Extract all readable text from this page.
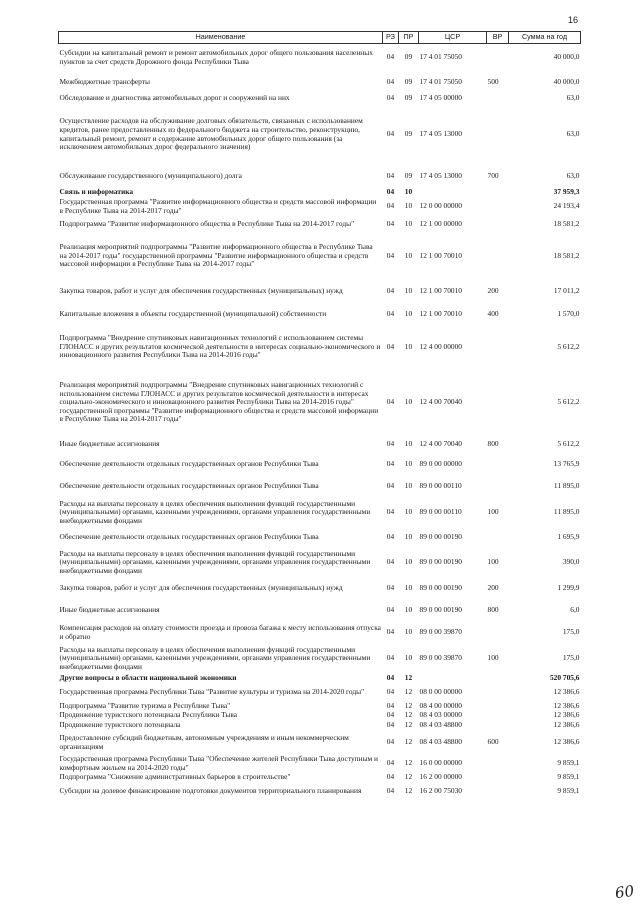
16
Наименование	РЗ	ПР	ЦСР	ВР	Сумма на год
Субсидии на капитальный ремонт и ремонт автомобильных дорог общего пользования населенных пунктов за счет средств Дорожного фонда Республики Тыва	04	09	17 4 01 75050		40 000,0
Межбюджетные трансферты	04	09	17 4 01 75050	500	40 000,0
Обследование и диагностика автомобильных дорог и сооружений на них	04	09	17 4 05 00000		63,0
Осуществление расходов на обслуживание долговых обязательств, связанных с использованием кредитов, ранее предоставленных из федерального бюджета на строительство, реконструкцию, капитальный ремонт, ремонт и содержание автомобильных дорог общего пользования (за исключением автомобильных дорог федерального значения)	04	09	17 4 05 13000		63,0
Обслуживание государственного (муниципального) долга	04	09	17 4 05 13000	700	63,0
Связь и информатика	04	10			37 959,3
Государственная программа "Развитие информационного общества и средств массовой информации в Республике Тыва на 2014-2017 годы"	04	10	12 0 00 00000		24 193,4
Подпрограмма "Развитие информационного общества в Республике Тыва на 2014-2017 годы"	04	10	12 1 00 00000		18 581,2
Реализация мероприятий подпрограммы "Развитие информационного общества в Республике Тыва на 2014-2017 годы" государственной программы "Развитие информационного общества и средств массовой информации в Республике Тыва на 2014-2017 годы"	04	10	12 1 00 70010		18 581,2
Закупка товаров, работ и услуг для обеспечения государственных (муниципальных) нужд	04	10	12 1 00 70010	200	17 011,2
Капитальные вложения в объекты государственной (муниципальной) собственности	04	10	12 1 00 70010	400	1 570,0
Подпрограмма "Внедрение спутниковых навигационных технологий с использованием системы ГЛОНАСС и других результатов космической деятельности в интересах социально-экономического и инновационного развития Республики Тыва на 2014-2016 годы"	04	10	12 4 00 00000		5 612,2
Реализация мероприятий подпрограммы "Внедрение спутниковых навигационных технологий с использованием системы ГЛОНАСС и других результатов космической деятельности в интересах социально-экономического и инновационного развития Республики Тыва на 2014-2016 годы" государственной программы "Развитие информационного общества и средств массовой информации в Республике Тыва на 2014-2017 годы"	04	10	12 4 00 70040		5 612,2
Иные бюджетные ассигнования	04	10	12 4 00 70040	800	5 612,2
Обеспечение деятельности отдельных государственных органов Республики Тыва	04	10	89 0 00 00000		13 765,9
Обеспечение деятельности отдельных государственных органов Республики Тыва	04	10	89 0 00 00110		11 895,0
Расходы на выплаты персоналу в целях обеспечения выполнения функций государственными (муниципальными) органами, казенными учреждениями, органами управления государственными внебюджетными фондами	04	10	89 0 00 00110	100	11 895,0
Обеспечение деятельности отдельных государственных органов Республики Тыва	04	10	89 0 00 00190		1 695,9
Расходы на выплаты персоналу в целях обеспечения выполнения функций государственными (муниципальными) органами, казенными учреждениями, органами управления государственными внебюджетными фондами	04	10	89 0 00 00190	100	390,0
Закупка товаров, работ и услуг для обеспечения государственных (муниципальных) нужд	04	10	89 0 00 00190	200	1 299,9
Иные бюджетные ассигнования	04	10	89 0 00 00190	800	6,0
Компенсация расходов на оплату стоимости проезда и провоза багажа к месту использования отпуска и обратно	04	10	89 0 00 39870		175,0
Расходы на выплаты персоналу в целях обеспечения выполнения функций государственными (муниципальными) органами, казенными учреждениями, органами управления государственными внебюджетными фондами	04	10	89 0 00 39870	100	175,0
Другие вопросы в области национальной экономики	04	12			520 705,6
Государственная программа Республики Тыва "Развитие культуры и туризма на 2014-2020 годы"	04	12	08 0 00 00000		12 386,6
Подпрограмма "Развитие туризма в Республике Тыва"	04	12	08 4 00 00000		12 386,6
Продвижение туристского потенциала Республики Тыва	04	12	08 4 03 00000		12 386,6
Продвижение туристского потенциала	04	12	08 4 03 48800		12 386,6
Предоставление субсидий бюджетным, автономным учреждениям и иным некоммерческим организациям	04	12	08 4 03 48800	600	12 386,6
Государственная программа Республики Тыва "Обеспечение жителей Республики Тыва доступным и комфортным жильем на 2014-2020 годы"	04	12	16 0 00 00000		9 859,1
Подпрограмма "Снижение административных барьеров в строительстве"	04	12	16 2 00 00000		9 859,1
Субсидии на долевое финансирование подготовки документов территориального планирования	04	12	16 2 00 75030		9 859,1
60
